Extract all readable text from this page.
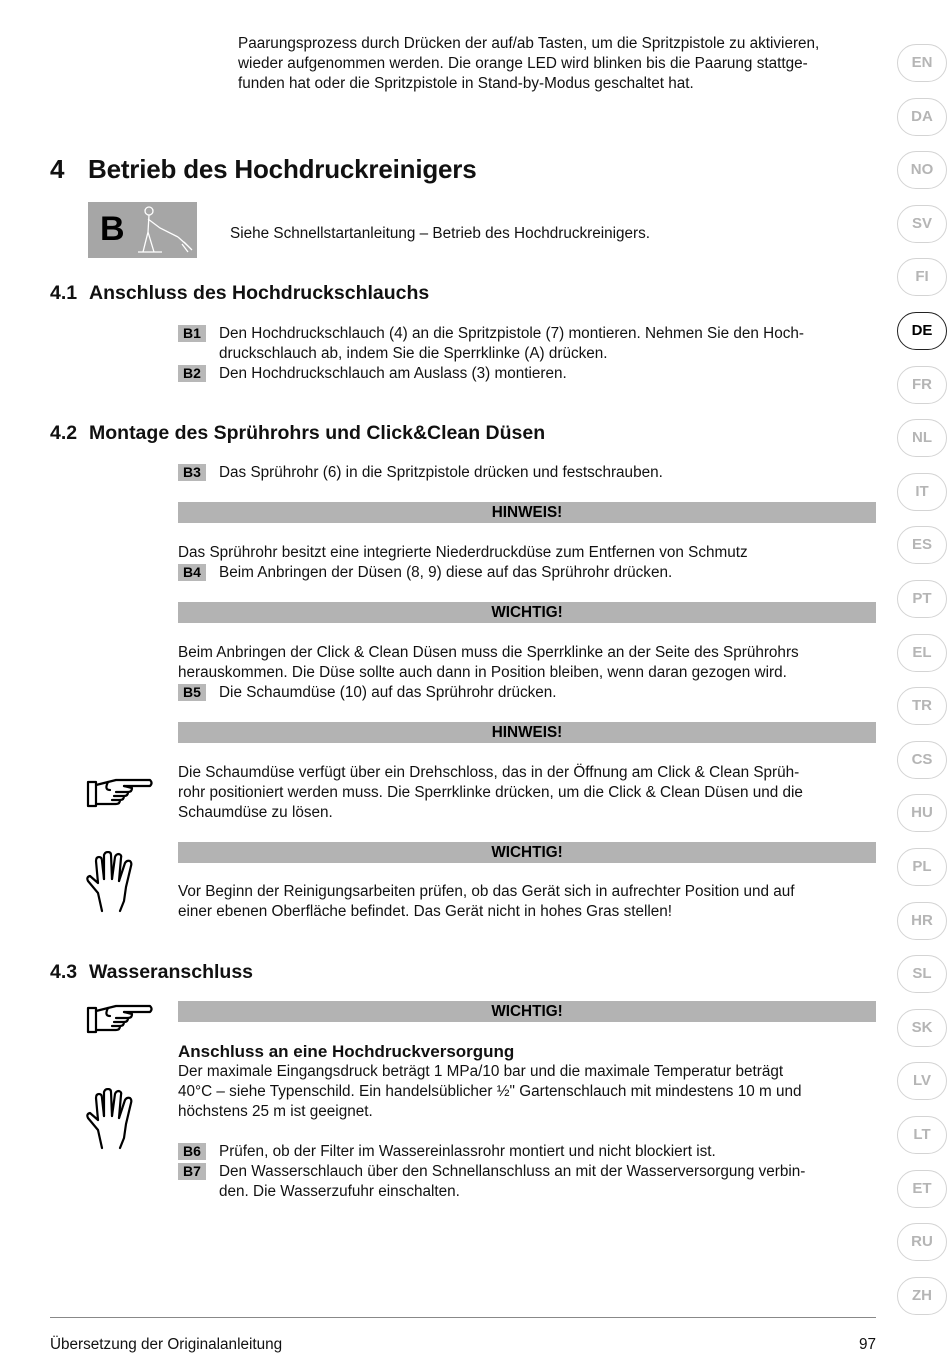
Paarungsprozess durch Drücken der auf/ab Tasten, um die Spritzpistole zu aktivieren,

wieder aufgenommen werden. Die orange LED wird blinken bis die Paarung stattge-

funden hat oder die Spritzpistole in Stand-by-Modus geschaltet hat.

4 Betrieb des Hochdruckreinigers
B	Siehe Schnellstartanleitung – Betrieb des Hochdruckreinigers.

4.1 Anschluss des Hochdruckschlauchs
B1	Den Hochdruckschlauch (4) an die Spritzpistole (7) montieren. Nehmen Sie den Hoch-
druckschlauch ab, indem Sie die Sperrklinke (A) drücken.
B2	Den Hochdruckschlauch am Auslass (3) montieren.
4.2 Montage des Sprührohrs und Click&Clean Düsen
B3	Das Sprührohr (6) in die Spritzpistole drücken und festschrauben.
HINWEIS!

Das Sprührohr besitzt eine integrierte Niederdruckdüse zum Entfernen von Schmutz

B4	Beim Anbringen der Düsen (8, 9) diese auf das Sprührohr drücken.
WICHTIG!

Beim Anbringen der Click & Clean Düsen muss die Sperrklinke an der Seite des Sprührohrs

herauskommen. Die Düse sollte auch dann in Position bleiben, wenn daran gezogen wird.

B5	Die Schaumdüse (10) auf das Sprührohr drücken.
HINWEIS!

Die Schaumdüse verfügt über ein Drehschloss, das in der Öffnung am Click & Clean Sprüh-

rohr positioniert werden muss. Die Sperrklinke drücken, um die Click & Clean Düsen und die

Schaumdüse zu lösen.

WICHTIG!

Vor Beginn der Reinigungsarbeiten prüfen, ob das Gerät sich in aufrechter Position und auf

einer ebenen Oberfläche befindet. Das Gerät nicht in hohes Gras stellen!

4.3 Wasseranschluss
WICHTIG!
Anschluss an eine Hochdruckversorgung

Der maximale Eingangsdruck beträgt 1 MPa/10 bar und die maximale Temperatur beträgt

40°C – siehe Typenschild. Ein handelsüblicher ½" Gartenschlauch mit mindestens 10 m und

höchstens 25 m ist geeignet.

B6	Prüfen, ob der Filter im Wassereinlassrohr montiert und nicht blockiert ist.
B7	Den Wasserschlauch über den Schnellanschluss an mit der Wasserversorgung verbin-
den. Die Wasserzufuhr einschalten.

Übersetzung der Originalanleitung	97

EN
DA
NO
SV
FI
DE
FR
NL
IT
ES
PT
EL
TR
CS
HU
PL
HR
SL
SK
LV
LT
ET
RU
ZH
